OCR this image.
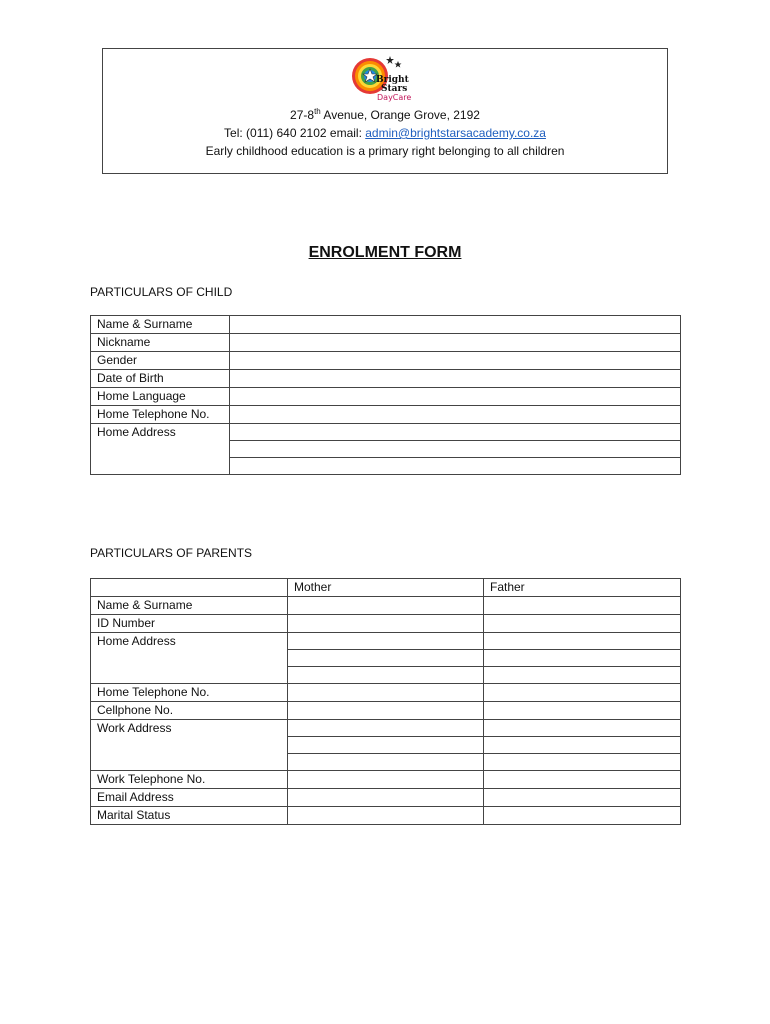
Bright
Stars
DayCare
27-8th Avenue, Orange Grove, 2192
Tel: (011) 640 2102 email: admin@brightstarsacademy.co.za
Early childhood education is a primary right belonging to all children
ENROLMENT FORM
PARTICULARS OF CHILD
Name & Surname	
Nickname	
Gender	
Date of Birth	
Home Language	
Home Telephone No.	
Home Address	

PARTICULARS OF PARENTS
	Mother	Father
Name & Surname		
ID Number		
Home Address		

Home Telephone No.		
Cellphone No.		
Work Address		

Work Telephone No.		
Email Address		
Marital Status		
